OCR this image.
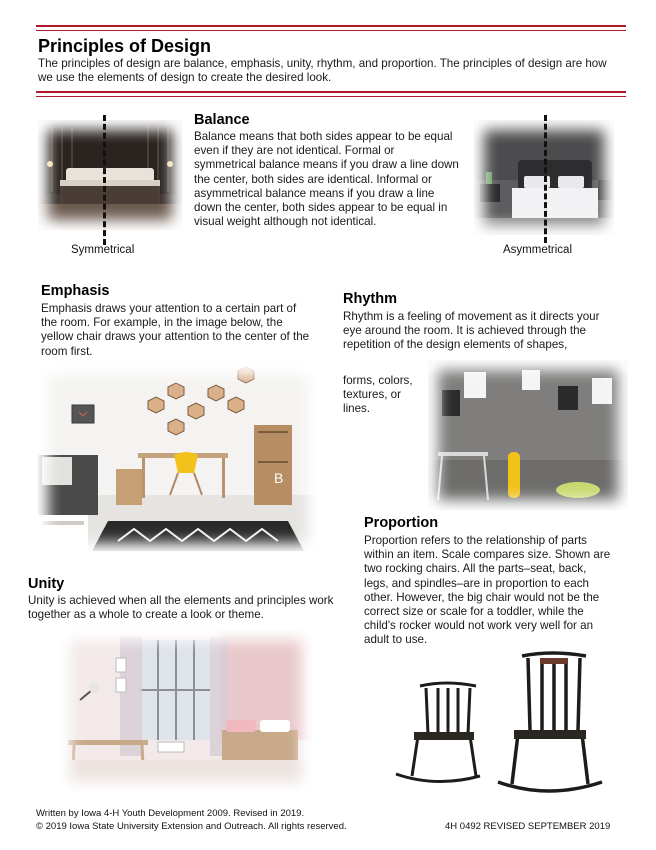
Principles of Design
The principles of design are balance, emphasis, unity, rhythm, and proportion. The principles of design are how we use the elements of design to create the desired look.
Symmetrical
Balance
Balance means that both sides appear to be equal even if they are not identical. Formal or symmetrical balance means if you draw a line down the center, both sides are identical. Informal or asymmetrical balance means if you draw a line down the center, both sides appear to be equal in visual weight although not identical.
Asymmetrical
Emphasis
Emphasis draws your attention to a certain part of the room. For example, in the image below, the yellow chair draws your attention to the center of the room first.
B
Rhythm
Rhythm is a feeling of movement as it directs your eye around the room. It is achieved through the repetition of the design elements of shapes,
forms, colors, textures, or lines.
Proportion
Proportion refers to the relationship of parts within an item. Scale compares size. Shown are two rocking chairs. All the parts–seat, back, legs, and spindles–are in proportion to each other. However, the big chair would not be the correct size or scale for a toddler, while the child's rocker would not work very well for an adult to use.
Unity
Unity is achieved when all the elements and principles work together as a whole to create a look or theme.
Written by Iowa 4-H Youth Development 2009. Revised in 2019.
© 2019 Iowa State University Extension and Outreach. All rights reserved.	4H 0492 REVISED SEPTEMBER 2019
